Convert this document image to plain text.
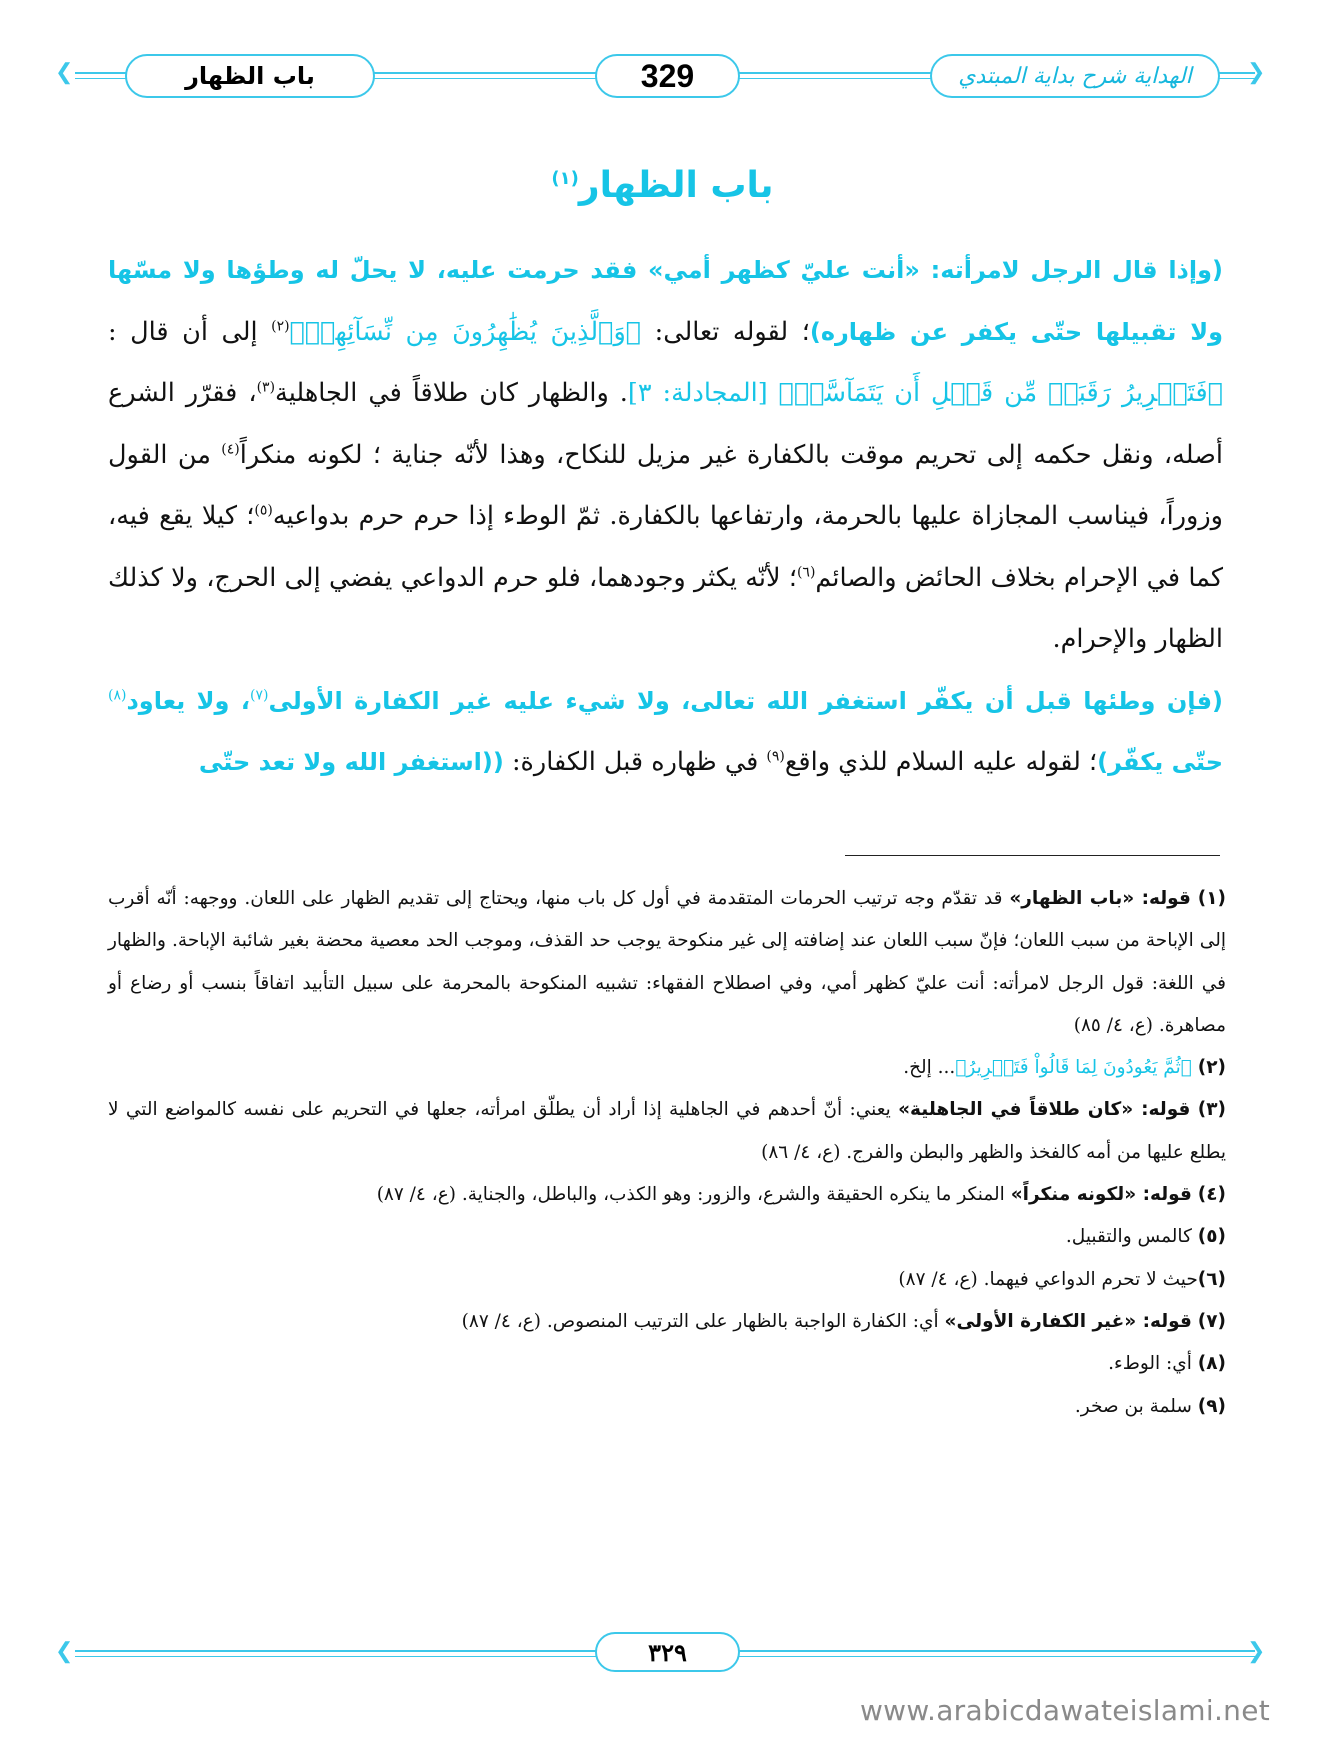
❮	❯
باب الظهار	329	الهداية شرح بداية المبتدي
باب الظهار$^{(١)}$

(وإذا قال الرجل لامرأته: «أنت عليّ كظهر أمي» فقد حرمت عليه، لا يحلّ له وطؤها ولا مسّها ولا تقبيلها حتّى يكفر عن ظهاره)؛ لقوله تعالى: ﴿وَٱلَّذِينَ يُظَٰهِرُونَ مِن نِّسَآئِهِمۡ﴾$^{(٢)}$ إلى أن قال : ﴿فَتَحۡرِيرُ رَقَبَةٖ مِّن قَبۡلِ أَن يَتَمَآسَّاۚ﴾ [المجادلة: ٣]. والظهار كان طلاقاً في الجاهلية$^{(٣)}$، فقرّر الشرع أصله، ونقل حكمه إلى تحريم موقت بالكفارة غير مزيل للنكاح، وهذا لأنّه جناية ؛ لكونه منكراً$^{(٤)}$ من القول وزوراً، فيناسب المجازاة عليها بالحرمة، وارتفاعها بالكفارة. ثمّ الوطء إذا حرم حرم بدواعيه$^{(٥)}$؛ كيلا يقع فيه، كما في الإحرام بخلاف الحائض والصائم$^{(٦)}$؛ لأنّه يكثر وجودهما، فلو حرم الدواعي يفضي إلى الحرج، ولا كذلك الظهار والإحرام.

(فإن وطئها قبل أن يكفّر استغفر الله تعالى، ولا شيء عليه غير الكفارة الأولى$^{(٧)}$، ولا يعاود$^{(٨)}$ حتّى يكفّر)؛ لقوله عليه السلام للذي واقع$^{(٩)}$ في ظهاره قبل الكفارة: ((استغفر الله ولا تعد حتّى

(١) قوله: «باب الظهار» قد تقدّم وجه ترتيب الحرمات المتقدمة في أول كل باب منها، ويحتاج إلى تقديم الظهار على اللعان. ووجهه: أنّه أقرب إلى الإباحة من سبب اللعان؛ فإنّ سبب اللعان عند إضافته إلى غير منكوحة يوجب حد القذف، وموجب الحد معصية محضة بغير شائبة الإباحة. والظهار في اللغة: قول الرجل لامرأته: أنت عليّ كظهر أمي، وفي اصطلاح الفقهاء: تشبيه المنكوحة بالمحرمة على سبيل التأبيد اتفاقاً بنسب أو رضاع أو مصاهرة. (ع، ٤/ ٨٥)

(٢) ﴿ثُمَّ يَعُودُونَ لِمَا قَالُواْ فَتَحۡرِيرُ﴾... إلخ.

(٣) قوله: «كان طلاقاً في الجاهلية» يعني: أنّ أحدهم في الجاهلية إذا أراد أن يطلّق امرأته، جعلها في التحريم على نفسه كالمواضع التي لا يطلع عليها من أمه كالفخذ والظهر والبطن والفرج. (ع، ٤/ ٨٦)

(٤) قوله: «لكونه منكراً» المنكر ما ينكره الحقيقة والشرع، والزور: وهو الكذب، والباطل، والجناية. (ع، ٤/ ٨٧)

(٥) كالمس والتقبيل.

(٦)حيث لا تحرم الدواعي فيهما. (ع، ٤/ ٨٧)

(٧) قوله: «غير الكفارة الأولى» أي: الكفارة الواجبة بالظهار على الترتيب المنصوص. (ع، ٤/ ٨٧)

(٨) أي: الوطء.

(٩) سلمة بن صخر.

❮	❯
٣٢٩
www.arabicdawateislami.net
